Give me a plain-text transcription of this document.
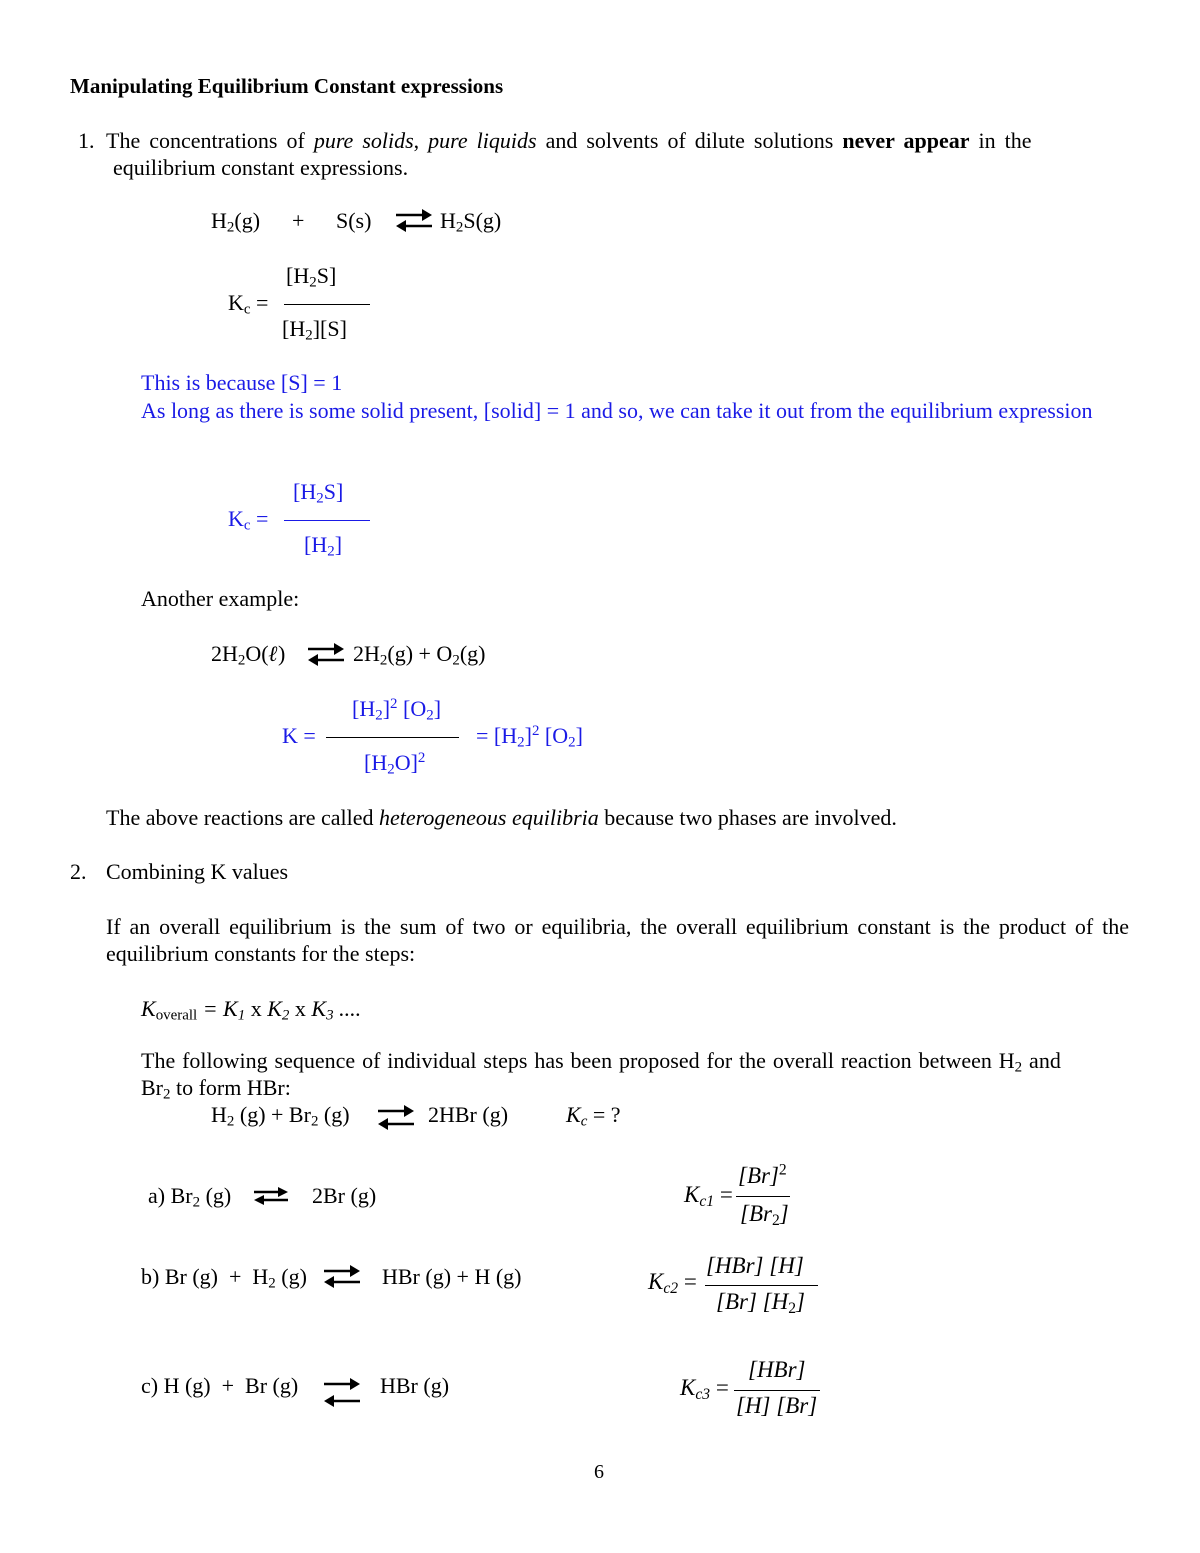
Manipulating Equilibrium Constant expressions
1. The concentrations of pure solids, pure liquids and solvents of dilute solutions never appear in the
equilibrium constant expressions.
$H_2(g) + S(s)$ ⇌ $H_2S(g)$
$K_c$ =
$[H_2S]$
$[H_2][S]$
This is because [S] = 1
As long as there is some solid present, [solid] = 1 and so, we can take it out from the equilibrium expression
$K_c$ =
$[H_2S]$
$[H_2]$
Another example:
$2H_2O(\ell)$ ⇌ $2H_2(g) + O_2(g)$
K =
$[H_2]^2$ $[O_2]$
$[H_2O]^2$
= $[H_2]^2$ $[O_2]$
The above reactions are called heterogeneous equilibria because two phases are involved.
2. Combining K values
If an overall equilibrium is the sum of two or equilibria, the overall equilibrium constant is the product of the equilibrium constants for the steps:
$K_{overall} = K_1$ x $K_2$ x $K_3$ ....
The following sequence of individual steps has been proposed for the overall reaction between $H_2$ and
$Br_2$ to form HBr:
$H_2$ $(g) + Br_2$ (g) ⇌ 2HBr (g)	$K_c$ = ?
a) $Br_2$ (g) ⇌ 2Br (g)	$K_{c1}$ =
$[Br]^2$
$[Br_2]$
b) Br $(g) + H_2$ (g) ⇌ HBr (g) + H (g)	$K_{c2}$ =
[HBr] [H]
[Br] $[H_2]$
c) H (g)  +  Br (g) ⇌ HBr (g)	$K_{c3}$ =
[HBr]
[H] [Br]
6
